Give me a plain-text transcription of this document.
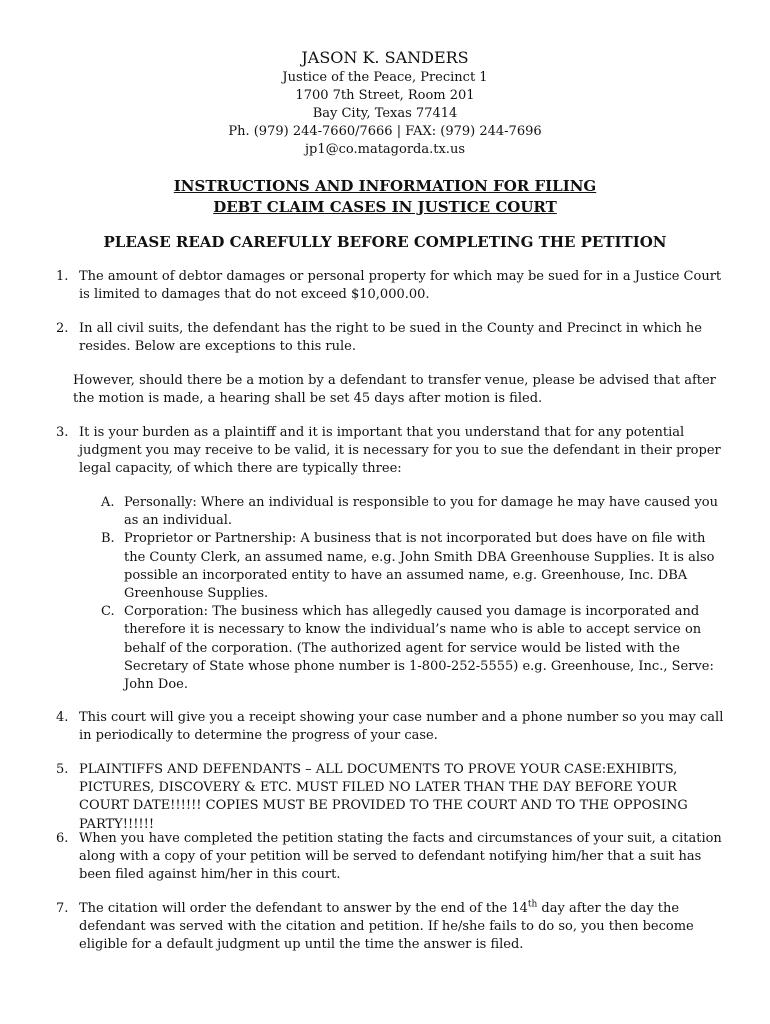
JASON K. SANDERS
Justice of the Peace, Precinct 1
1700 7th Street, Room 201
Bay City, Texas 77414
Ph. (979) 244-7660/7666 | FAX: (979) 244-7696
jp1@co.matagorda.tx.us
INSTRUCTIONS AND INFORMATION FOR FILING
DEBT CLAIM CASES IN JUSTICE COURT
PLEASE READ CAREFULLY BEFORE COMPLETING THE PETITION
1. The amount of debtor damages or personal property for which may be sued for in a Justice Court is limited to damages that do not exceed $10,000.00.
2. In all civil suits, the defendant has the right to be sued in the County and Precinct in which he resides. Below are exceptions to this rule.
However, should there be a motion by a defendant to transfer venue, please be advised that after the motion is made, a hearing shall be set 45 days after motion is filed.
3. It is your burden as a plaintiff and it is important that you understand that for any potential judgment you may receive to be valid, it is necessary for you to sue the defendant in their proper legal capacity, of which there are typically three:
A. Personally: Where an individual is responsible to you for damage he may have caused you as an individual.
B. Proprietor or Partnership: A business that is not incorporated but does have on file with the County Clerk, an assumed name, e.g. John Smith DBA Greenhouse Supplies. It is also possible an incorporated entity to have an assumed name, e.g. Greenhouse, Inc. DBA Greenhouse Supplies.
C. Corporation: The business which has allegedly caused you damage is incorporated and therefore it is necessary to know the individual’s name who is able to accept service on behalf of the corporation. (The authorized agent for service would be listed with the Secretary of State whose phone number is 1-800-252-5555) e.g. Greenhouse, Inc., Serve: John Doe.
4. This court will give you a receipt showing your case number and a phone number so you may call in periodically to determine the progress of your case.
5. PLAINTIFFS AND DEFENDANTS – ALL DOCUMENTS TO PROVE YOUR CASE:EXHIBITS, PICTURES, DISCOVERY & ETC. MUST FILED NO LATER THAN THE DAY BEFORE YOUR COURT DATE!!!!!! COPIES MUST BE PROVIDED TO THE COURT AND TO THE OPPOSING PARTY!!!!!!
6. When you have completed the petition stating the facts and circumstances of your suit, a citation along with a copy of your petition will be served to defendant notifying him/her that a suit has been filed against him/her in this court.
7. The citation will order the defendant to answer by the end of the 14th day after the day the defendant was served with the citation and petition. If he/she fails to do so, you then become eligible for a default judgment up until the time the answer is filed.
